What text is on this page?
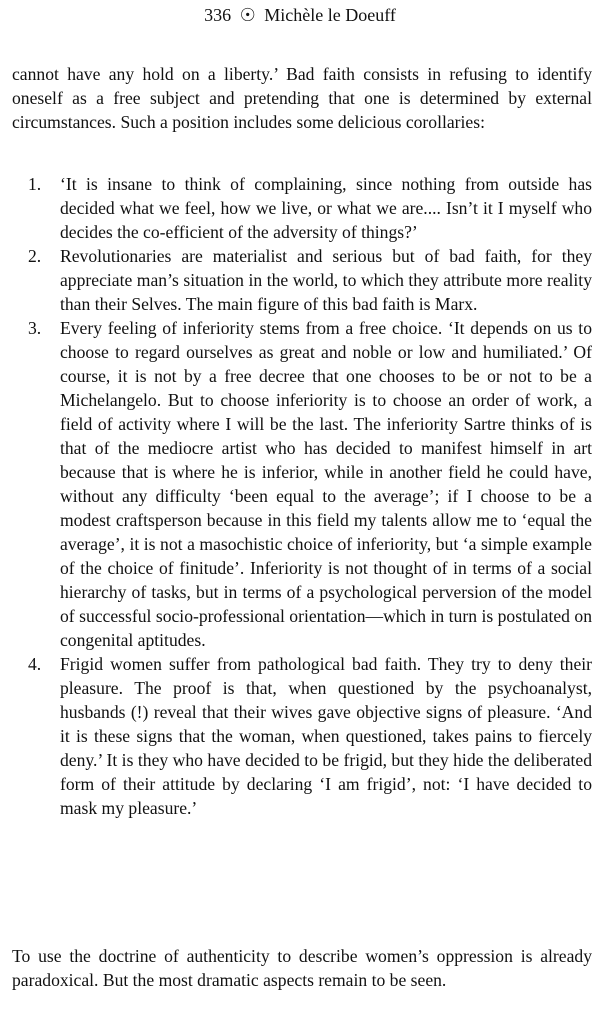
336 ☉ Michèle le Doeuff

cannot have any hold on a liberty.’ Bad faith consists in refusing to identify oneself as a free subject and pretending that one is determined by external circumstances. Such a position includes some delicious corollaries:

1.	‘It is insane to think of complaining, since nothing from outside has decided what we feel, how we live, or what we are.... Isn’t it I myself who decides the co-efficient of the adversity of things?’
2.	Revolutionaries are materialist and serious but of bad faith, for they appreciate man’s situation in the world, to which they attribute more reality than their Selves. The main figure of this bad faith is Marx.
3.	Every feeling of inferiority stems from a free choice. ‘It depends on us to choose to regard ourselves as great and noble or low and humiliated.’ Of course, it is not by a free decree that one chooses to be or not to be a Michelangelo. But to choose inferiority is to choose an order of work, a field of activity where I will be the last. The inferiority Sartre thinks of is that of the mediocre artist who has decided to manifest himself in art because that is where he is inferior, while in another field he could have, without any difficulty ‘been equal to the average’; if I choose to be a modest craftsperson because in this field my talents allow me to ‘equal the average’, it is not a masochistic choice of inferiority, but ‘a simple example of the choice of finitude’. Inferiority is not thought of in terms of a social hierarchy of tasks, but in terms of a psychological perversion of the model of successful socio-professional orientation—which in turn is postulated on congenital aptitudes.
4.	Frigid women suffer from pathological bad faith. They try to deny their pleasure. The proof is that, when questioned by the psychoanalyst, husbands (!) reveal that their wives gave objective signs of pleasure. ‘And it is these signs that the woman, when questioned, takes pains to fiercely deny.’ It is they who have decided to be frigid, but they hide the deliberated form of their attitude by declaring ‘I am frigid’, not: ‘I have decided to mask my pleasure.’

To use the doctrine of authenticity to describe women’s oppression is already paradoxical. But the most dramatic aspects remain to be seen.
